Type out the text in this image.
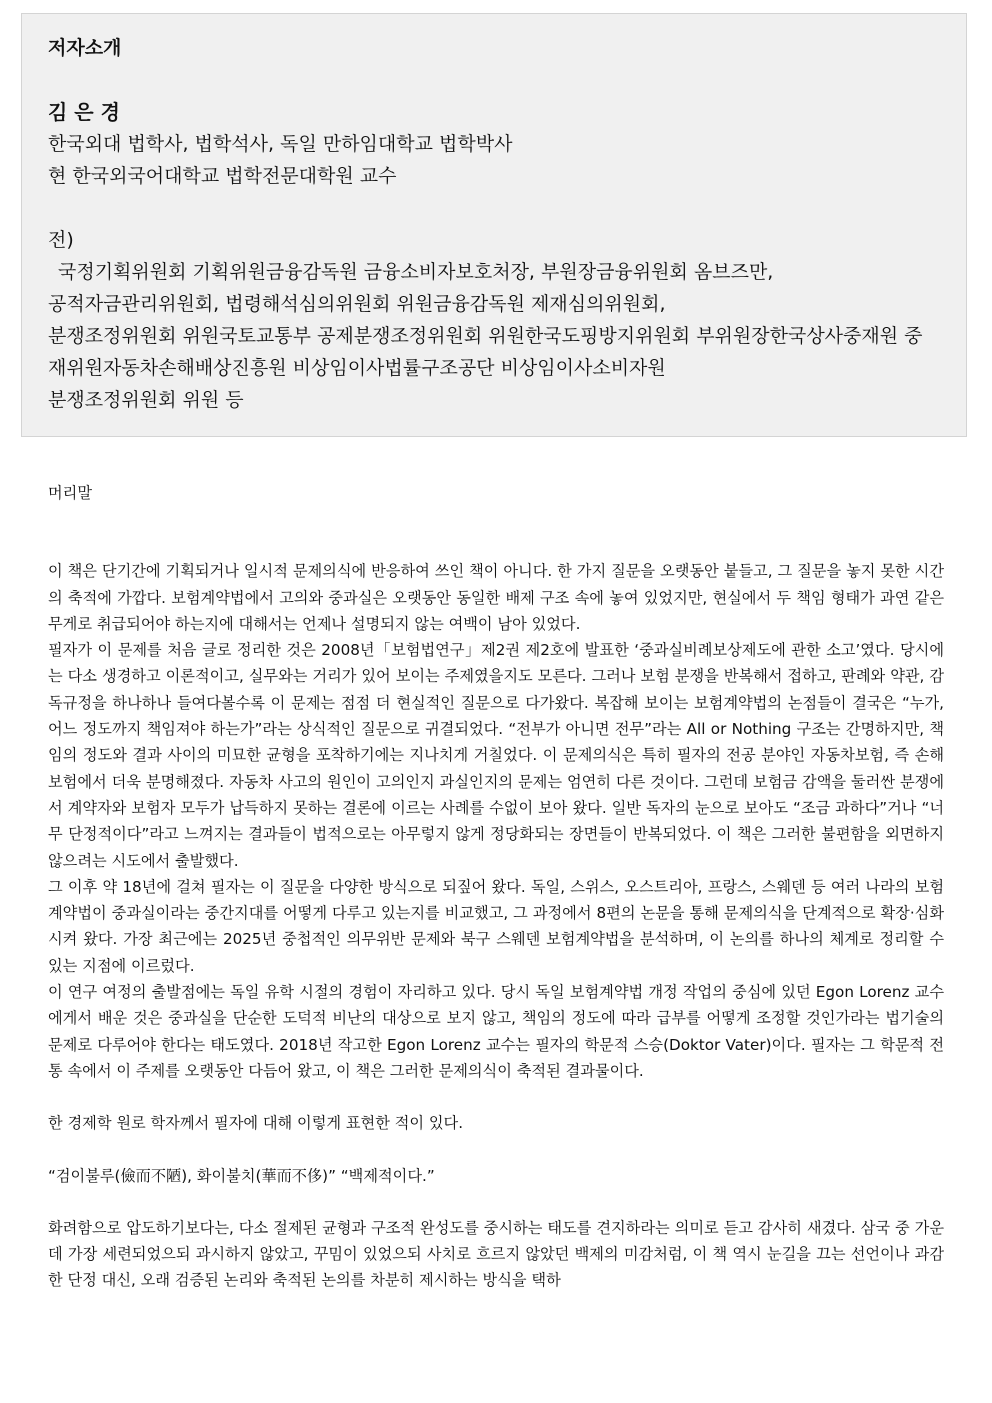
저자소개
김 은 경
한국외대 법학사, 법학석사, 독일 만하임대학교 법학박사
현 한국외국어대학교 법학전문대학원 교수
전)
국정기획위원회 기획위원금융감독원 금융소비자보호처장, 부원장금융위원회 옴브즈만,
공적자금관리위원회, 법령해석심의위원회 위원금융감독원 제재심의위원회,
분쟁조정위원회 위원국토교통부 공제분쟁조정위원회 위원한국도핑방지위원회 부위원장한국상사중재원 중재위원자동차손해배상진흥원 비상임이사법률구조공단 비상임이사소비자원
분쟁조정위원회 위원 등

머리말

이 책은 단기간에 기획되거나 일시적 문제의식에 반응하여 쓰인 책이 아니다. 한 가지 질문을 오랫동안 붙들고, 그 질문을 놓지 못한 시간의 축적에 가깝다. 보험계약법에서 고의와 중과실은 오랫동안 동일한 배제 구조 속에 놓여 있었지만, 현실에서 두 책임 형태가 과연 같은 무게로 취급되어야 하는지에 대해서는 언제나 설명되지 않는 여백이 남아 있었다.

필자가 이 문제를 처음 글로 정리한 것은 2008년「보험법연구」제2권 제2호에 발표한 ‘중과실비례보상제도에 관한 소고’였다. 당시에는 다소 생경하고 이론적이고, 실무와는 거리가 있어 보이는 주제였을지도 모른다. 그러나 보험 분쟁을 반복해서 접하고, 판례와 약관, 감독규정을 하나하나 들여다볼수록 이 문제는 점점 더 현실적인 질문으로 다가왔다. 복잡해 보이는 보험계약법의 논점들이 결국은 “누가, 어느 정도까지 책임져야 하는가”라는 상식적인 질문으로 귀결되었다. “전부가 아니면 전무”라는 All or Nothing 구조는 간명하지만, 책임의 정도와 결과 사이의 미묘한 균형을 포착하기에는 지나치게 거칠었다. 이 문제의식은 특히 필자의 전공 분야인 자동차보험, 즉 손해보험에서 더욱 분명해졌다. 자동차 사고의 원인이 고의인지 과실인지의 문제는 엄연히 다른 것이다. 그런데 보험금 감액을 둘러싼 분쟁에서 계약자와 보험자 모두가 납득하지 못하는 결론에 이르는 사례를 수없이 보아 왔다. 일반 독자의 눈으로 보아도 “조금 과하다”거나 “너무 단정적이다”라고 느껴지는 결과들이 법적으로는 아무렇지 않게 정당화되는 장면들이 반복되었다. 이 책은 그러한 불편함을 외면하지 않으려는 시도에서 출발했다.

그 이후 약 18년에 걸쳐 필자는 이 질문을 다양한 방식으로 되짚어 왔다. 독일, 스위스, 오스트리아, 프랑스, 스웨덴 등 여러 나라의 보험계약법이 중과실이라는 중간지대를 어떻게 다루고 있는지를 비교했고, 그 과정에서 8편의 논문을 통해 문제의식을 단계적으로 확장·심화시켜 왔다. 가장 최근에는 2025년 중첩적인 의무위반 문제와 북구 스웨덴 보험계약법을 분석하며, 이 논의를 하나의 체계로 정리할 수 있는 지점에 이르렀다.

이 연구 여정의 출발점에는 독일 유학 시절의 경험이 자리하고 있다. 당시 독일 보험계약법 개정 작업의 중심에 있던 Egon Lorenz 교수에게서 배운 것은 중과실을 단순한 도덕적 비난의 대상으로 보지 않고, 책임의 정도에 따라 급부를 어떻게 조정할 것인가라는 법기술의 문제로 다루어야 한다는 태도였다. 2018년 작고한 Egon Lorenz 교수는 필자의 학문적 스승(Doktor Vater)이다. 필자는 그 학문적 전통 속에서 이 주제를 오랫동안 다듬어 왔고, 이 책은 그러한 문제의식이 축적된 결과물이다.

한 경제학 원로 학자께서 필자에 대해 이렇게 표현한 적이 있다.

“검이불루(儉而不陋), 화이불치(華而不侈)” “백제적이다.”

화려함으로 압도하기보다는, 다소 절제된 균형과 구조적 완성도를 중시하는 태도를 견지하라는 의미로 듣고 감사히 새겼다. 삼국 중 가운데 가장 세련되었으되 과시하지 않았고, 꾸밈이 있었으되 사치로 흐르지 않았던 백제의 미감처럼, 이 책 역시 눈길을 끄는 선언이나 과감한 단정 대신, 오래 검증된 논리와 축적된 논의를 차분히 제시하는 방식을 택하
